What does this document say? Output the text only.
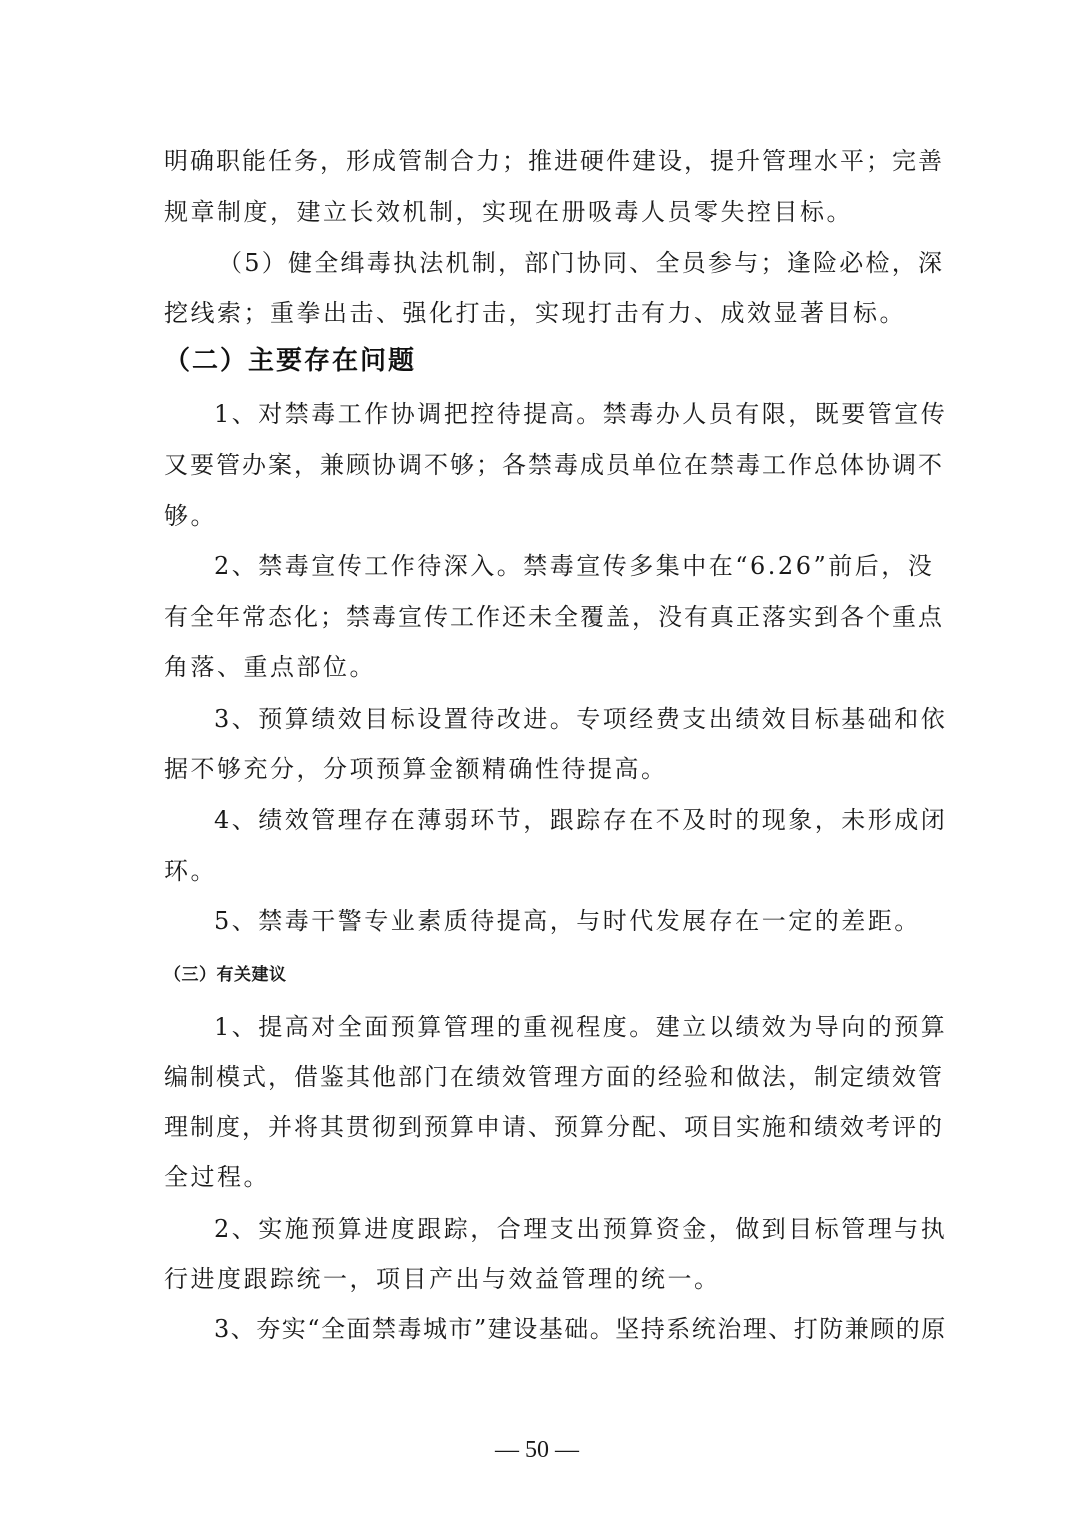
明确职能任务，形成管制合力；推进硬件建设，提升管理水平；完善
规章制度，建立长效机制，实现在册吸毒人员零失控目标。
（5）健全缉毒执法机制，部门协同、全员参与；逢险必检，深
挖线索；重拳出击、强化打击，实现打击有力、成效显著目标。
（二）主要存在问题
1、对禁毒工作协调把控待提高。禁毒办人员有限，既要管宣传
又要管办案，兼顾协调不够；各禁毒成员单位在禁毒工作总体协调不
够。
2、禁毒宣传工作待深入。禁毒宣传多集中在“6.26”前后，没
有全年常态化；禁毒宣传工作还未全覆盖，没有真正落实到各个重点
角落、重点部位。
3、预算绩效目标设置待改进。专项经费支出绩效目标基础和依
据不够充分，分项预算金额精确性待提高。
4、绩效管理存在薄弱环节，跟踪存在不及时的现象，未形成闭
环。
5、禁毒干警专业素质待提高，与时代发展存在一定的差距。
（三）有关建议
1、提高对全面预算管理的重视程度。建立以绩效为导向的预算
编制模式，借鉴其他部门在绩效管理方面的经验和做法，制定绩效管
理制度，并将其贯彻到预算申请、预算分配、项目实施和绩效考评的
全过程。
2、实施预算进度跟踪，合理支出预算资金，做到目标管理与执
行进度跟踪统一，项目产出与效益管理的统一。
3、夯实“全面禁毒城市”建设基础。坚持系统治理、打防兼顾的原
— 50 —
